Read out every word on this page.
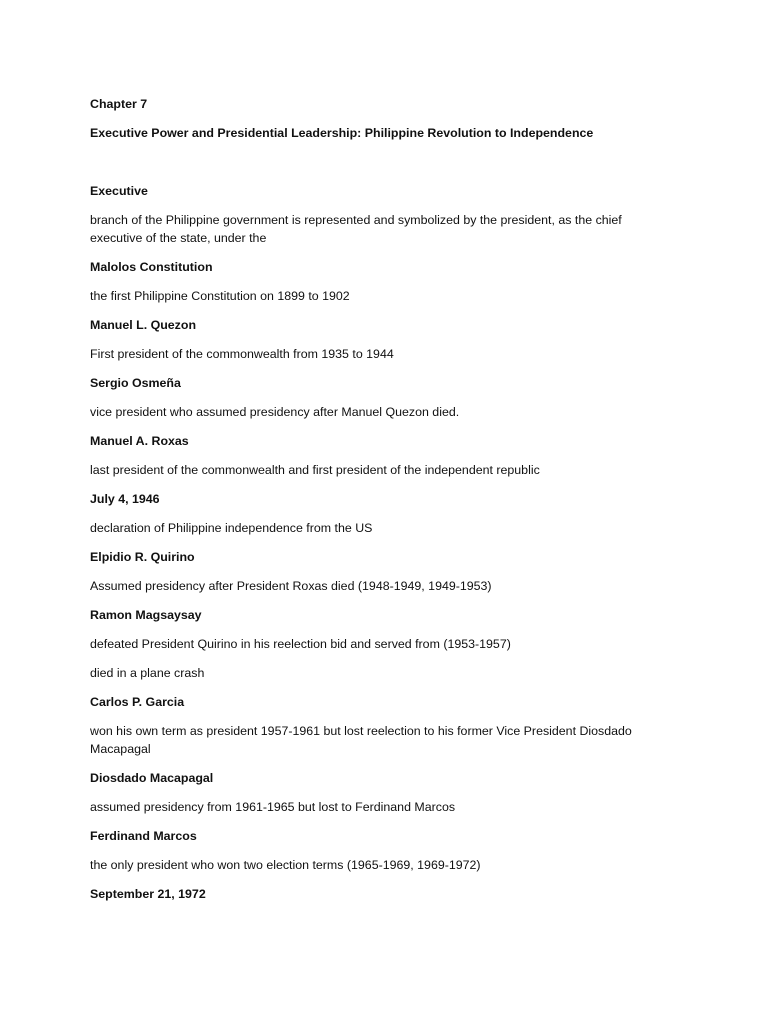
Chapter 7

Executive Power and Presidential Leadership: Philippine Revolution to Independence

Executive

branch of the Philippine government is represented and symbolized by the president, as the chief executive of the state, under the

Malolos Constitution

the first Philippine Constitution on 1899 to 1902

Manuel L. Quezon

First president of the commonwealth from 1935 to 1944

Sergio Osmeña

vice president who assumed presidency after Manuel Quezon died.

Manuel A. Roxas

last president of the commonwealth and first president of the independent republic

July 4, 1946

declaration of Philippine independence from the US

Elpidio R. Quirino

Assumed presidency after President Roxas died (1948-1949, 1949-1953)

Ramon Magsaysay

defeated President Quirino in his reelection bid and served from (1953-1957)

died in a plane crash

Carlos P. Garcia

won his own term as president 1957-1961 but lost reelection to his former Vice President Diosdado Macapagal

Diosdado Macapagal

assumed presidency from 1961-1965 but lost to Ferdinand Marcos

Ferdinand Marcos

the only president who won two election terms (1965-1969, 1969-1972)

September 21, 1972
